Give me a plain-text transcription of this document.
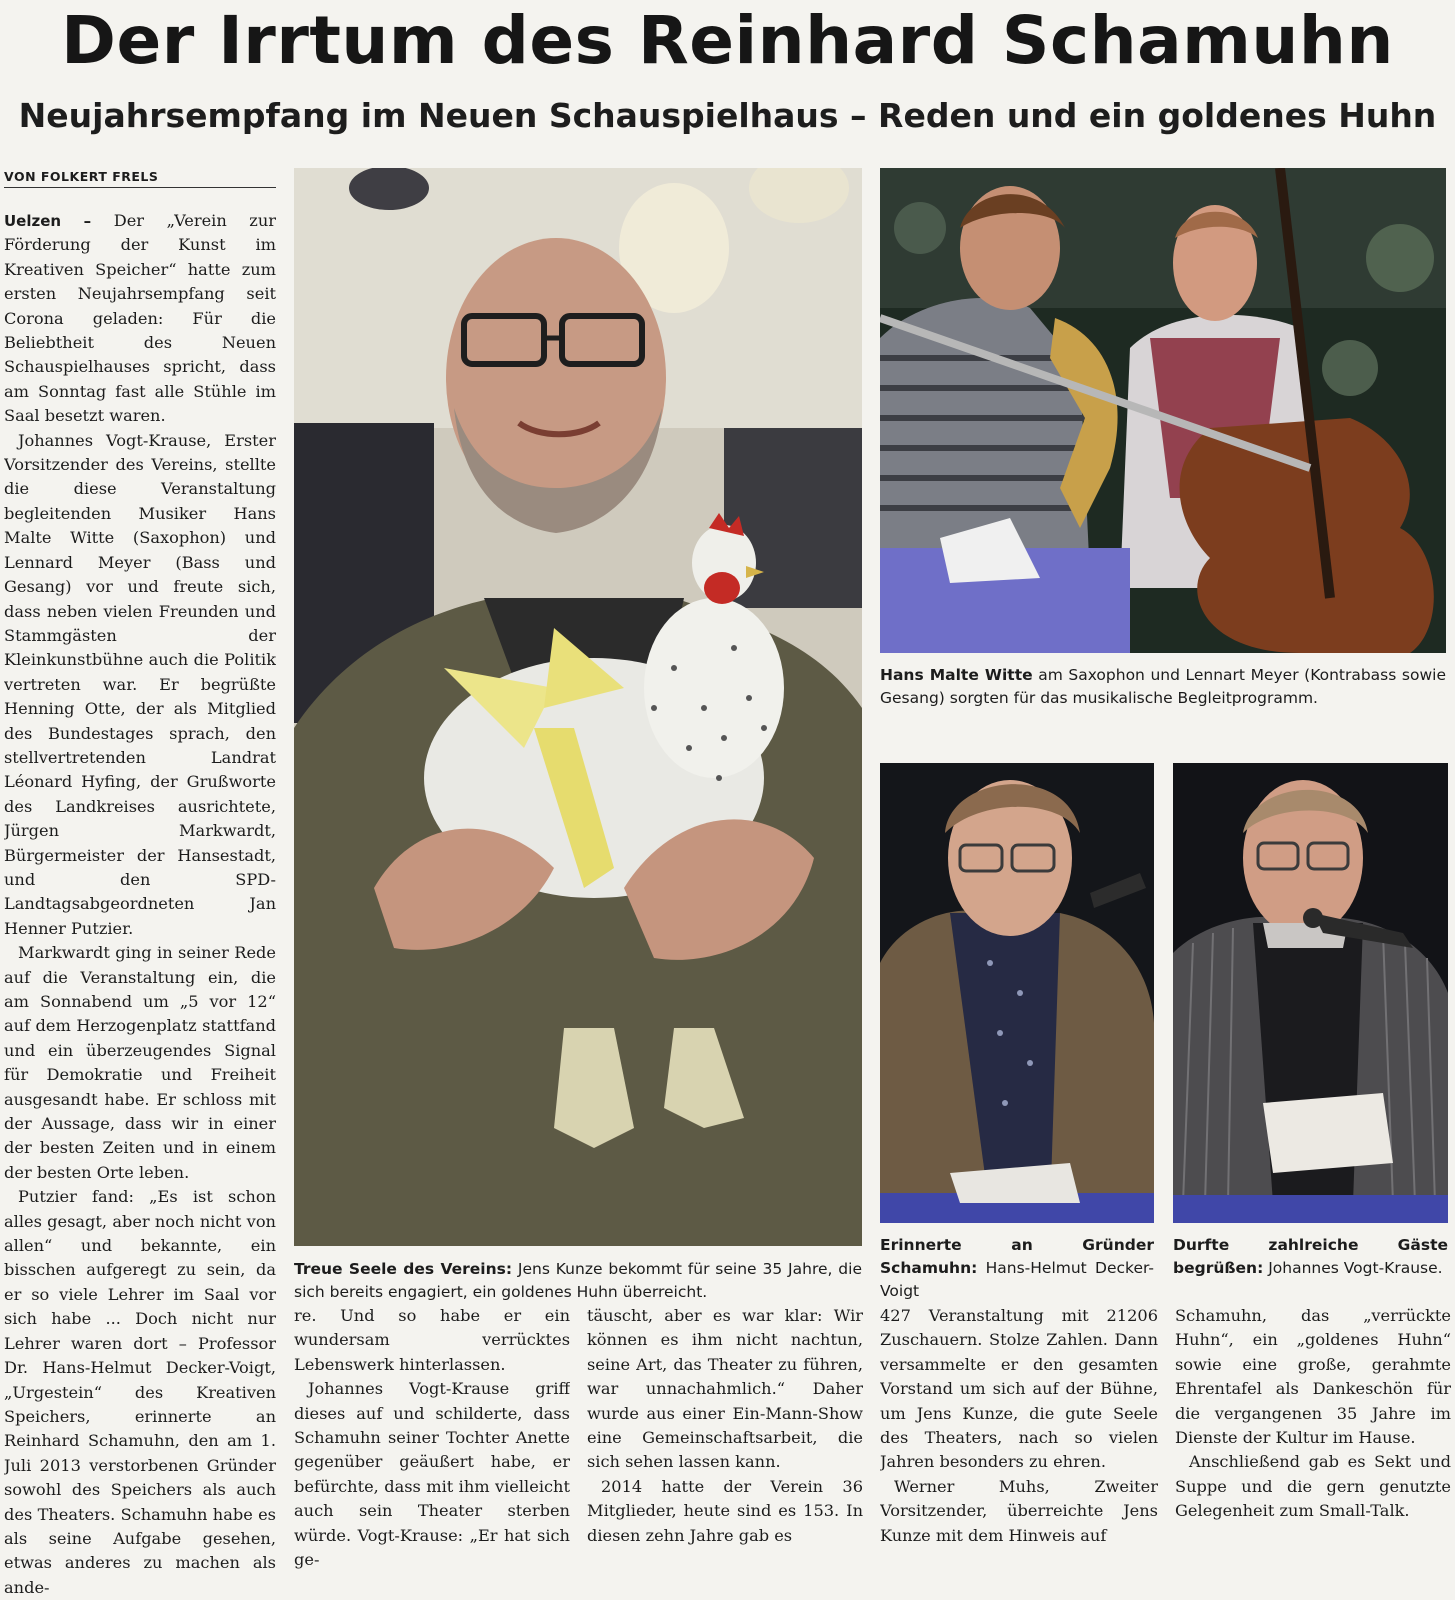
Der Irrtum des Reinhard Schamuhn
Neujahrsempfang im Neuen Schauspielhaus – Reden und ein goldenes Huhn
VON FOLKERT FRELS

Uelzen – Der „Verein zur Förderung der Kunst im Kreativen Speicher“ hatte zum ersten Neujahrsempfang seit Corona geladen: Für die Beliebtheit des Neuen Schauspielhauses spricht, dass am Sonntag fast alle Stühle im Saal besetzt waren.

Johannes Vogt-Krause, Erster Vorsitzender des Vereins, stellte die diese Veranstaltung begleitenden Musiker Hans Malte Witte (Saxophon) und Lennard Meyer (Bass und Gesang) vor und freute sich, dass neben vielen Freunden und Stammgästen der Kleinkunstbühne auch die Politik vertreten war. Er begrüßte Henning Otte, der als Mitglied des Bundestages sprach, den stellvertretenden Landrat Léonard Hyfing, der Grußworte des Landkreises ausrichtete, Jürgen Markwardt, Bürgermeister der Hansestadt, und den SPD-Landtagsabgeordneten Jan Henner Putzier.

Markwardt ging in seiner Rede auf die Veranstaltung ein, die am Sonnabend um „5 vor 12“ auf dem Herzogenplatz stattfand und ein überzeugendes Signal für Demokratie und Freiheit ausgesandt habe. Er schloss mit der Aussage, dass wir in einer der besten Zeiten und in einem der besten Orte leben.

Putzier fand: „Es ist schon alles gesagt, aber noch nicht von allen“ und bekannte, ein bisschen aufgeregt zu sein, da er so viele Lehrer im Saal vor sich habe ... Doch nicht nur Lehrer waren dort – Professor Dr. Hans-Helmut Decker-Voigt, „Urgestein“ des Kreativen Speichers, erinnerte an Reinhard Schamuhn, den am 1. Juli 2013 verstorbenen Gründer sowohl des Speichers als auch des Theaters. Schamuhn habe es als seine Aufgabe gesehen, etwas anderes zu machen als ande-

Treue Seele des Vereins: Jens Kunze bekommt für seine 35 Jahre, die sich bereits engagiert, ein goldenes Huhn überreicht.
Hans Malte Witte am Saxophon und Lennart Meyer (Kontrabass sowie Gesang) sorgten für das musikalische Begleitprogramm.
Erinnerte an Gründer Schamuhn: Hans-Helmut Decker-Voigt
Durfte zahlreiche Gäste begrüßen: Johannes Vogt-Krause.

re. Und so habe er ein wundersam verrücktes Lebenswerk hinterlassen.

Johannes Vogt-Krause griff dieses auf und schilderte, dass Schamuhn seiner Tochter Anette gegenüber geäußert habe, er befürchte, dass mit ihm vielleicht auch sein Theater sterben würde. Vogt-Krause: „Er hat sich ge-

täuscht, aber es war klar: Wir können es ihm nicht nachtun, seine Art, das Theater zu führen, war unnachahmlich.“ Daher wurde aus einer Ein-Mann-Show eine Gemeinschaftsarbeit, die sich sehen lassen kann.

2014 hatte der Verein 36 Mitglieder, heute sind es 153. In diesen zehn Jahre gab es

427 Veranstaltung mit 21206 Zuschauern. Stolze Zahlen. Dann versammelte er den gesamten Vorstand um sich auf der Bühne, um Jens Kunze, die gute Seele des Theaters, nach so vielen Jahren besonders zu ehren.

Werner Muhs, Zweiter Vorsitzender, überreichte Jens Kunze mit dem Hinweis auf

Schamuhn, das „verrückte Huhn“, ein „goldenes Huhn“ sowie eine große, gerahmte Ehrentafel als Dankeschön für die vergangenen 35 Jahre im Dienste der Kultur im Hause.

Anschließend gab es Sekt und Suppe und die gern genutzte Gelegenheit zum Small-Talk.
